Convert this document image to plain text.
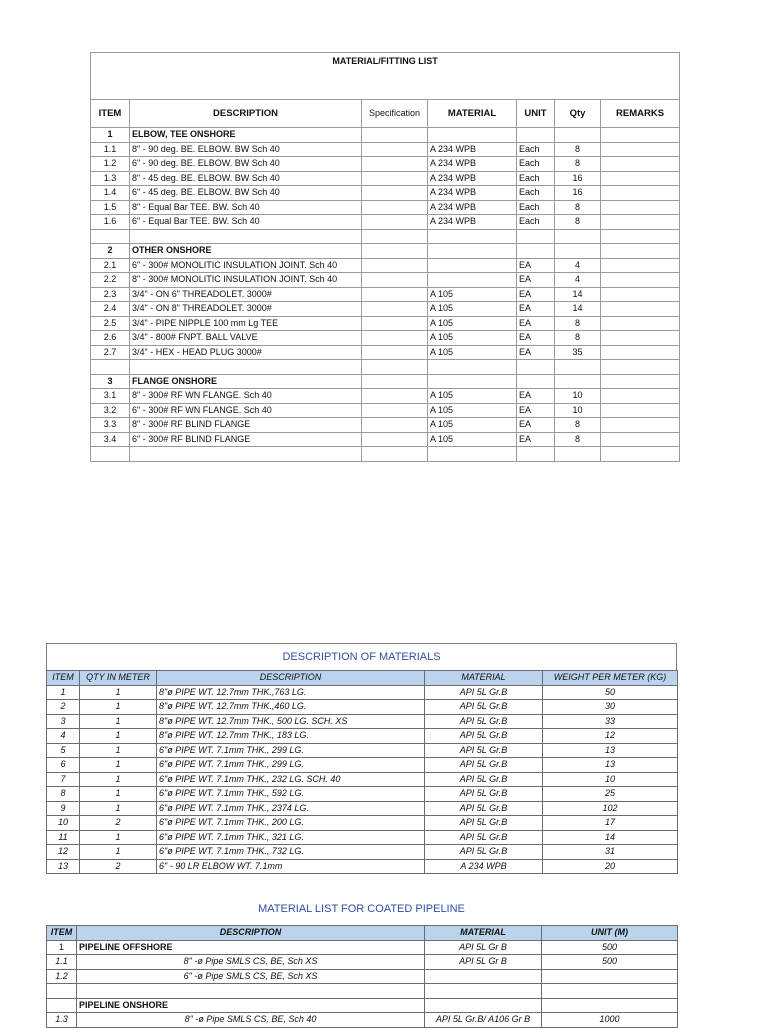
MATERIAL/FITTING LIST						
ITEM	DESCRIPTION	Specification	MATERIAL	UNIT	Qty	REMARKS
1	ELBOW, TEE ONSHORE					
1.1	8" - 90 deg. BE. ELBOW. BW Sch 40		A 234 WPB	Each	8	
1.2	6" - 90 deg. BE. ELBOW. BW Sch 40		A 234 WPB	Each	8	
1.3	8" - 45 deg. BE. ELBOW. BW Sch 40		A 234 WPB	Each	16	
1.4	6" - 45 deg. BE. ELBOW. BW Sch 40		A 234 WPB	Each	16	
1.5	8" - Equal Bar TEE. BW. Sch 40		A 234 WPB	Each	8	
1.6	6" - Equal Bar TEE. BW. Sch 40		A 234 WPB	Each	8	

2	OTHER ONSHORE					
2.1	6" - 300# MONOLITIC INSULATION JOINT. Sch 40			EA	4	
2.2	8" - 300# MONOLITIC INSULATION JOINT. Sch 40			EA	4	
2.3	3/4" - ON 6" THREADOLET. 3000#		A 105	EA	14	
2.4	3/4" - ON 8" THREADOLET. 3000#		A 105	EA	14	
2.5	3/4" - PIPE NIPPLE 100 mm Lg TEE		A 105	EA	8	
2.6	3/4" - 800# FNPT. BALL VALVE		A 105	EA	8	
2.7	3/4" - HEX - HEAD PLUG 3000#		A 105	EA	35	

3	FLANGE ONSHORE					
3.1	8" - 300# RF WN FLANGE. Sch 40		A 105	EA	10	
3.2	6" - 300# RF WN FLANGE. Sch 40		A 105	EA	10	
3.3	8" - 300# RF BLIND FLANGE		A 105	EA	8	
3.4	6" - 300# RF BLIND FLANGE		A 105	EA	8	

DESCRIPTION OF MATERIALS
ITEM	QTY IN METER	DESCRIPTION	MATERIAL	WEIGHT PER METER (KG)
1	1	8"ø PIPE WT. 12.7mm THK.,763 LG.	API 5L Gr.B	50
2	1	8"ø PIPE WT. 12.7mm THK.,460 LG.	API 5L Gr.B	30
3	1	8"ø PIPE WT. 12.7mm THK., 500 LG. SCH. XS	API 5L Gr.B	33
4	1	8"ø PIPE WT. 12.7mm THK., 183 LG.	API 5L Gr.B	12
5	1	6"ø PIPE WT. 7.1mm THK., 299 LG.	API 5L Gr.B	13
6	1	6"ø PIPE WT. 7.1mm THK., 299 LG.	API 5L Gr.B	13
7	1	6"ø PIPE WT. 7.1mm THK., 232 LG. SCH. 40	API 5L Gr.B	10
8	1	6"ø PIPE WT. 7.1mm THK., 592 LG.	API 5L Gr.B	25
9	1	6"ø PIPE WT. 7.1mm THK., 2374 LG.	API 5L Gr.B	102
10	2	6"ø PIPE WT. 7.1mm THK., 200 LG.	API 5L Gr.B	17
11	1	6"ø PIPE WT. 7.1mm THK., 321 LG.	API 5L Gr.B	14
12	1	6"ø PIPE WT. 7.1mm THK., 732 LG.	API 5L Gr.B	31
13	2	6" - 90 LR ELBOW WT. 7.1mm	A 234 WPB	20
MATERIAL LIST FOR COATED PIPELINE
ITEM	DESCRIPTION	MATERIAL	UNIT (M)
1	PIPELINE OFFSHORE	API 5L Gr B	500
1.1	8" -ø Pipe SMLS CS, BE, Sch XS	API 5L Gr B	500
1.2	6" -ø Pipe SMLS CS, BE, Sch XS		

	PIPELINE ONSHORE		
1.3	8" -ø Pipe SMLS CS, BE, Sch 40	API 5L Gr.B/ A106 Gr B	1000
